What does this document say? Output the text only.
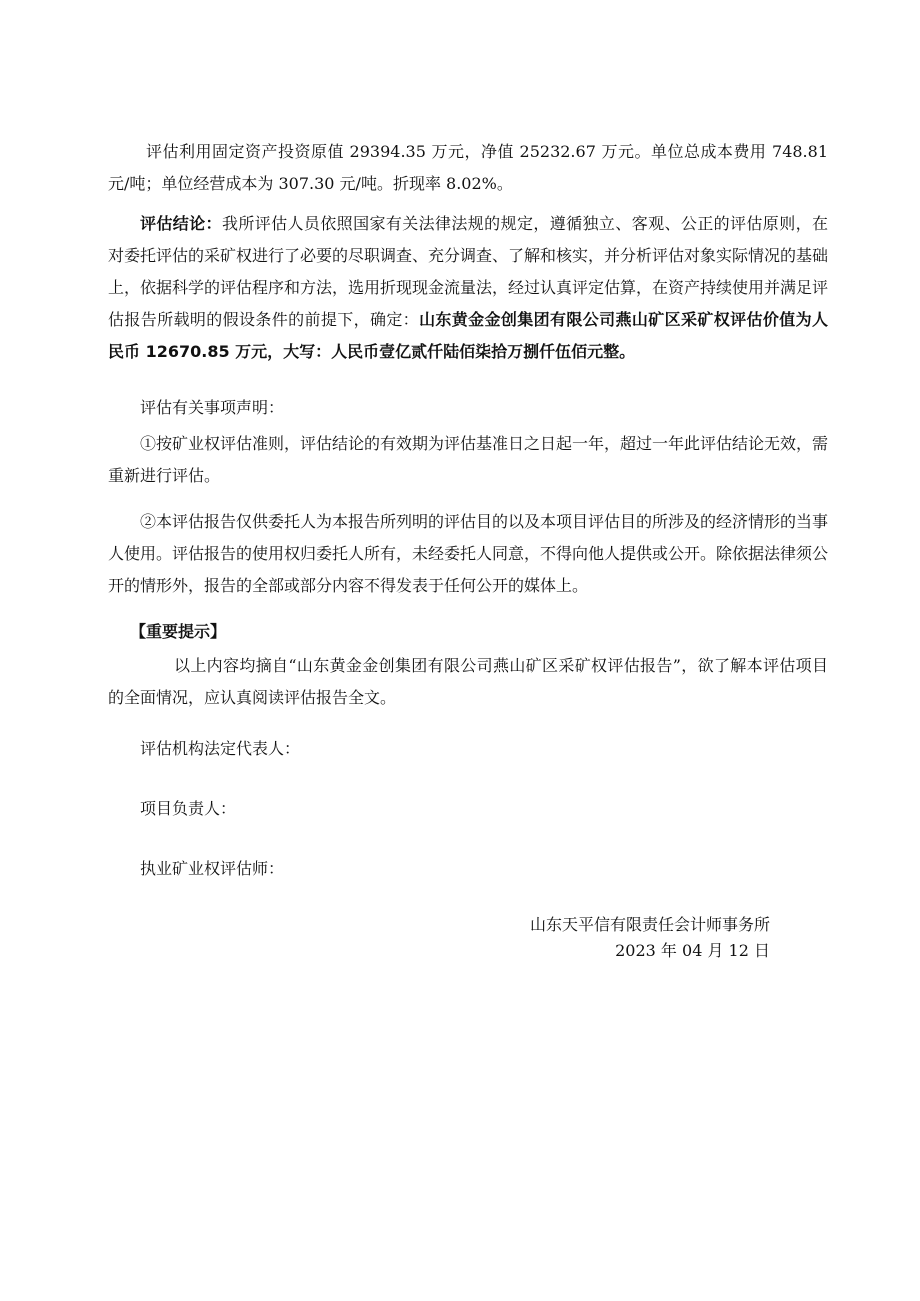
评估利用固定资产投资原值 29394.35 万元，净值 25232.67 万元。单位总成本费用 748.81 元/吨；单位经营成本为 307.30 元/吨。折现率 8.02%。

评估结论：我所评估人员依照国家有关法律法规的规定，遵循独立、客观、公正的评估原则，在对委托评估的采矿权进行了必要的尽职调查、充分调查、了解和核实，并分析评估对象实际情况的基础上，依据科学的评估程序和方法，选用折现现金流量法，经过认真评定估算，在资产持续使用并满足评估报告所载明的假设条件的前提下，确定：山东黄金金创集团有限公司燕山矿区采矿权评估价值为人民币 12670.85 万元，大写：人民币壹亿贰仟陆佰柒拾万捌仟伍佰元整。

评估有关事项声明：

①按矿业权评估准则，评估结论的有效期为评估基准日之日起一年，超过一年此评估结论无效，需重新进行评估。

②本评估报告仅供委托人为本报告所列明的评估目的以及本项目评估目的所涉及的经济情形的当事人使用。评估报告的使用权归委托人所有，未经委托人同意，不得向他人提供或公开。除依据法律须公开的情形外，报告的全部或部分内容不得发表于任何公开的媒体上。

【重要提示】

以上内容均摘自“山东黄金金创集团有限公司燕山矿区采矿权评估报告”，欲了解本评估项目的全面情况，应认真阅读评估报告全文。

评估机构法定代表人：

项目负责人：

执业矿业权评估师：

山东天平信有限责任会计师事务所

2023 年 04 月 12 日
